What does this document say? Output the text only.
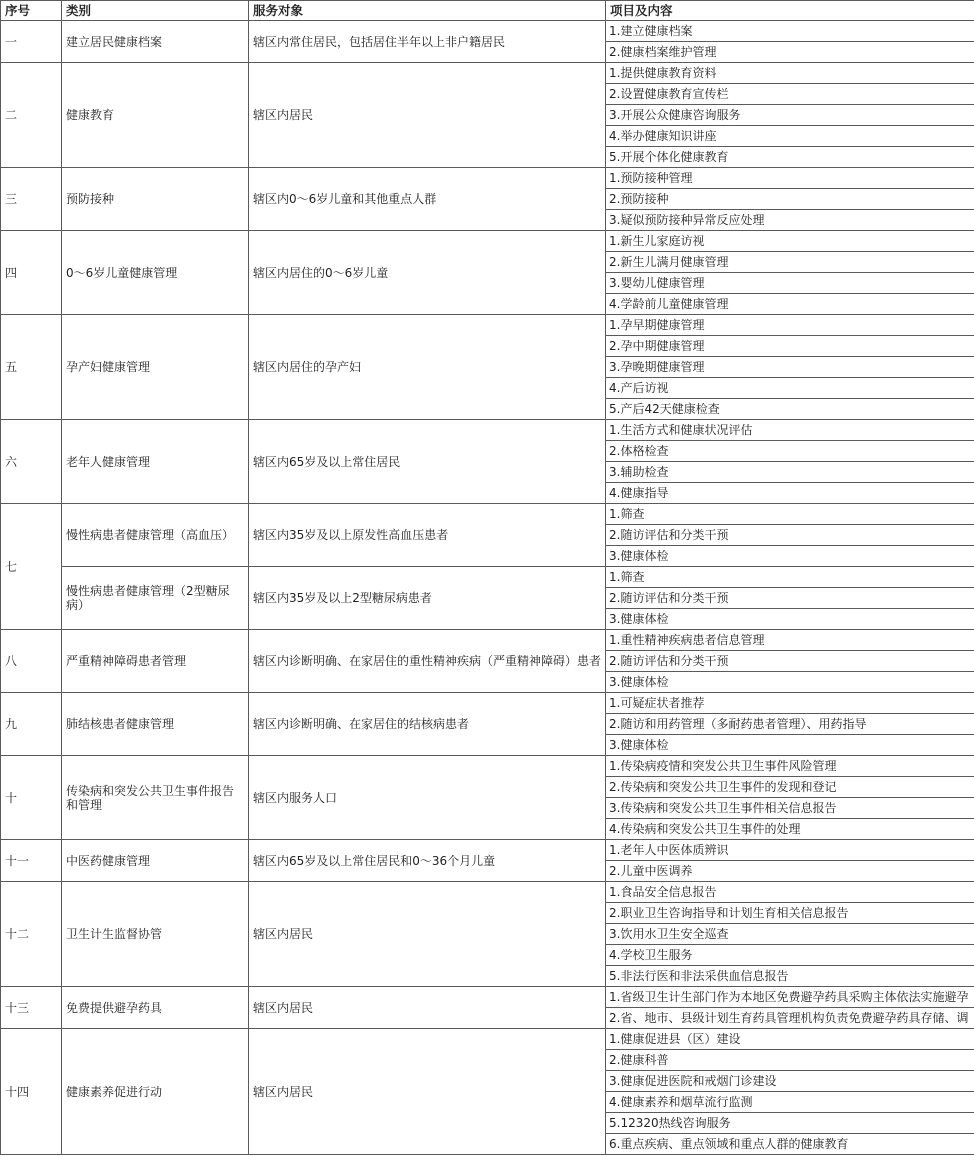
序号	类别	服务对象	项目及内容
一	建立居民健康档案	辖区内常住居民，包括居住半年以上非户籍居民	1.建立健康档案
			2.健康档案维护管理
二	健康教育	辖区内居民	1.提供健康教育资料
			2.设置健康教育宣传栏
			3.开展公众健康咨询服务
			4.举办健康知识讲座
			5.开展个体化健康教育
三	预防接种	辖区内0～6岁儿童和其他重点人群	1.预防接种管理
			2.预防接种
			3.疑似预防接种异常反应处理
四	0～6岁儿童健康管理	辖区内居住的0～6岁儿童	1.新生儿家庭访视
			2.新生儿满月健康管理
			3.婴幼儿健康管理
			4.学龄前儿童健康管理
五	孕产妇健康管理	辖区内居住的孕产妇	1.孕早期健康管理
			2.孕中期健康管理
			3.孕晚期健康管理
			4.产后访视
			5.产后42天健康检查
六	老年人健康管理	辖区内65岁及以上常住居民	1.生活方式和健康状况评估
			2.体格检查
			3.辅助检查
			4.健康指导
七	慢性病患者健康管理（高血压）	辖区内35岁及以上原发性高血压患者	1.筛查
			2.随访评估和分类干预
			3.健康体检
	慢性病患者健康管理（2型糖尿病）	辖区内35岁及以上2型糖尿病患者	1.筛查
			2.随访评估和分类干预
			3.健康体检
八	严重精神障碍患者管理	辖区内诊断明确、在家居住的重性精神疾病（严重精神障碍）患者	1.重性精神疾病患者信息管理
			2.随访评估和分类干预
			3.健康体检
九	肺结核患者健康管理	辖区内诊断明确、在家居住的结核病患者	1.可疑症状者推荐
			2.随访和用药管理（多耐药患者管理）、用药指导
			3.健康体检
十	传染病和突发公共卫生事件报告和管理	辖区内服务人口	1.传染病疫情和突发公共卫生事件风险管理
			2.传染病和突发公共卫生事件的发现和登记
			3.传染病和突发公共卫生事件相关信息报告
			4.传染病和突发公共卫生事件的处理
十一	中医药健康管理	辖区内65岁及以上常住居民和0～36个月儿童	1.老年人中医体质辨识
			2.儿童中医调养
十二	卫生计生监督协管	辖区内居民	1.食品安全信息报告
			2.职业卫生咨询指导和计划生育相关信息报告
			3.饮用水卫生安全巡查
			4.学校卫生服务
			5.非法行医和非法采供血信息报告
十三	免费提供避孕药具	辖区内居民	1.省级卫生计生部门作为本地区免费避孕药具采购主体依法实施避孕
			2.省、地市、县级计划生育药具管理机构负责免费避孕药具存储、调
十四	健康素养促进行动	辖区内居民	1.健康促进县（区）建设
			2.健康科普
			3.健康促进医院和戒烟门诊建设
			4.健康素养和烟草流行监测
			5.12320热线咨询服务
			6.重点疾病、重点领域和重点人群的健康教育
